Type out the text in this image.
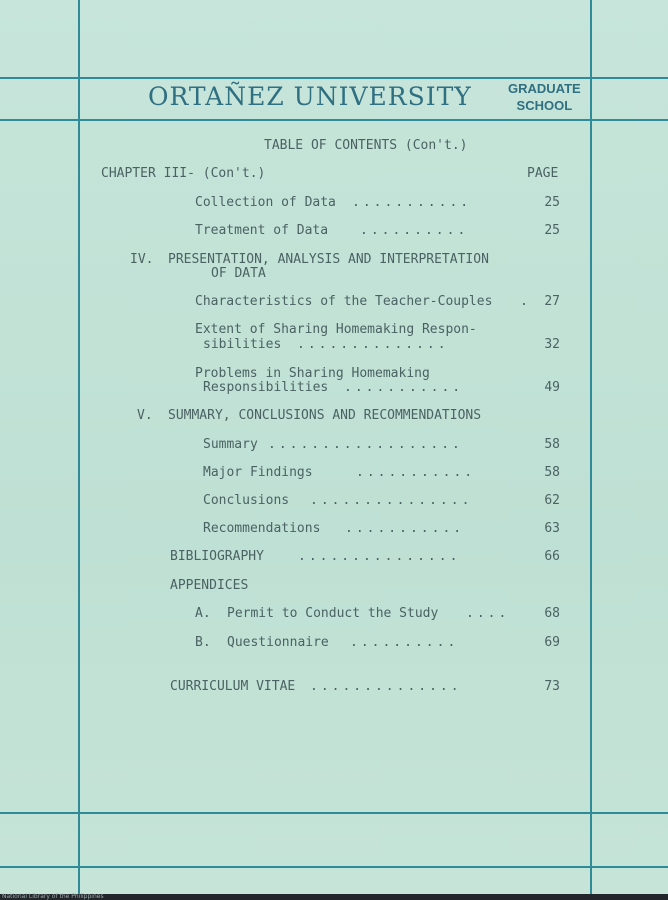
ORTAÑEZ UNIVERSITY	GRADUATE
SCHOOL
TABLE OF CONTENTS (Con't.)
CHAPTER III- (Con't.)	PAGE
Collection of Data ...........	25
Treatment of Data ..........	25
IV. PRESENTATION, ANALYSIS AND INTERPRETATION
OF DATA
Characteristics of the Teacher-Couples .	27
Extent of Sharing Homemaking Respon-
sibilities ..............	32
Problems in Sharing Homemaking
Responsibilities ...........	49
V. SUMMARY, CONCLUSIONS AND RECOMMENDATIONS
Summary ..................	58
Major Findings	...........	58
Conclusions ...............	62
Recommendations ...........	63
BIBLIOGRAPHY	...............	66
APPENDICES
A. Permit to Conduct the Study ....	68
B. Questionnaire ..........	69
CURRICULUM VITAE ..............	73
National Library of the Philippines
